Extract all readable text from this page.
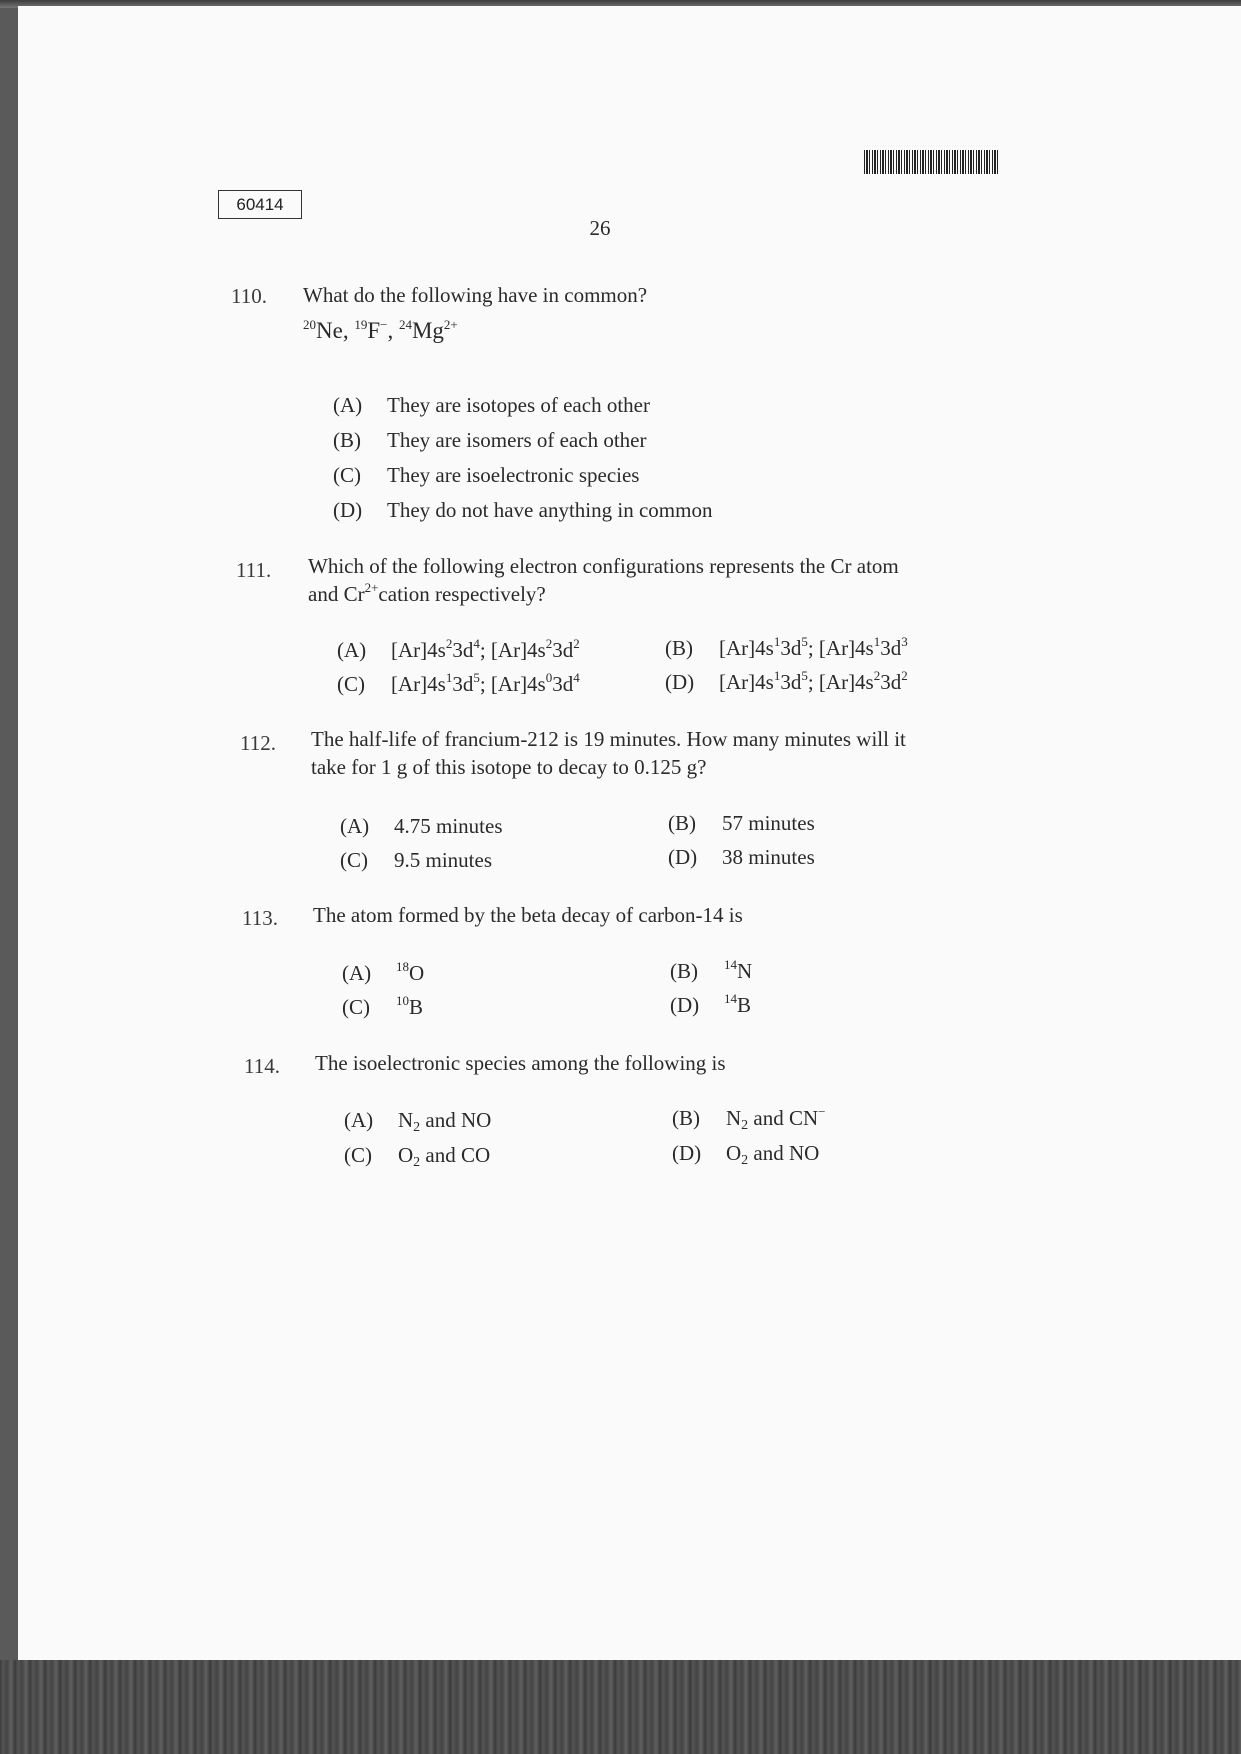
60414
26
110. What do the following have in common?
$^{20}$Ne, $^{19}$F−, $^{24}Mg^{2+}$
(A) They are isotopes of each other
(B) They are isomers of each other
(C) They are isoelectronic species
(D) They do not have anything in common
111. Which of the following electron configurations represents the Cr atom
and $Cr^{2+}cation$ respectively?
(A) $[Ar]4s^23d^4$; $[Ar]4s^23d^2$	(B) $[Ar]4s^13d^5$; $[Ar]4s^13d^3$
(C) $[Ar]4s^13d^5$; $[Ar]4s^03d^4$	(D) $[Ar]4s^13d^5$; $[Ar]4s^23d^2$
112. The half-life of francium-212 is 19 minutes. How many minutes will it
take for 1 g of this isotope to decay to 0.125 g?
(A) 4.75 minutes	(B) 57 minutes
(C) 9.5 minutes	(D) 38 minutes
113. The atom formed by the beta decay of carbon-14 is
(A) $^{18}$O	(B) $^{14}$N
(C) $^{10}$B	(D) $^{14}$B
114. The isoelectronic species among the following is
(A) $N_2$ and NO	(B) $N_2$ and CN−
(C) $O_2$ and CO	(D) $O_2$ and NO
